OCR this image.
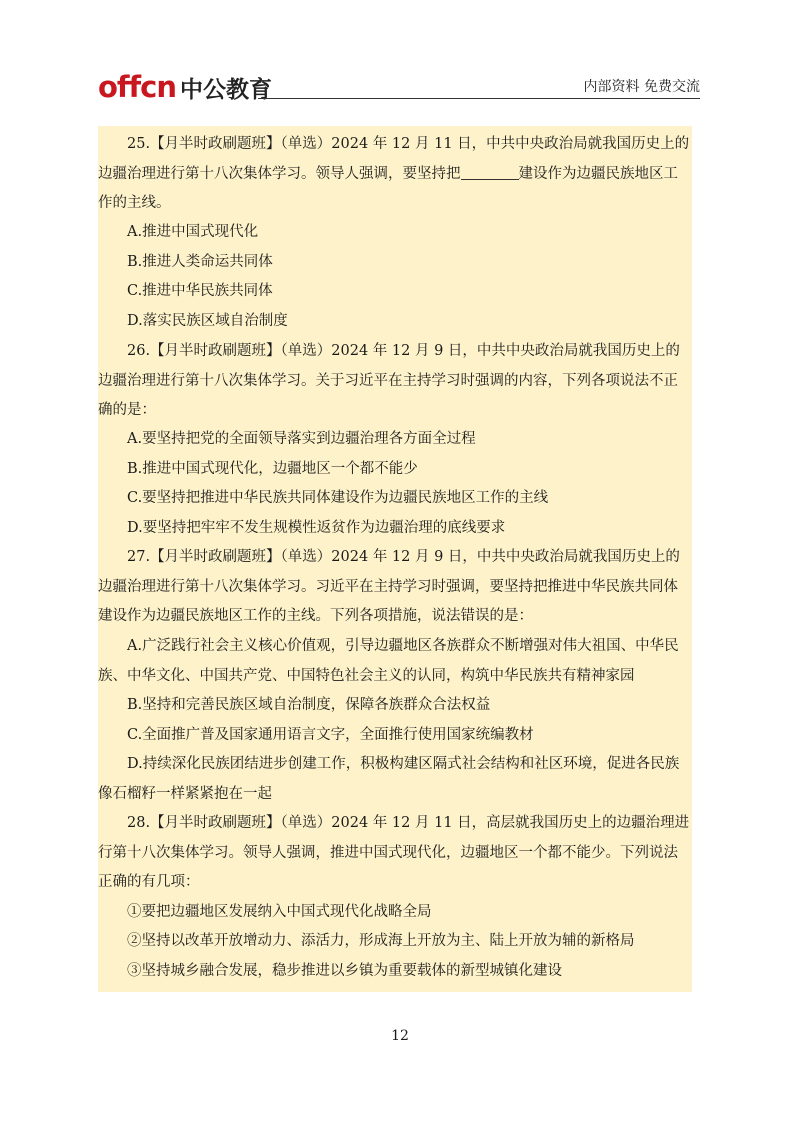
offcn 中公教育	内部资料 免费交流
25.【月半时政刷题班】（单选）2024 年 12 月 11 日，中共中央政治局就我国历史上的边疆治理进行第十八次集体学习。领导人强调，要坚持把	建设作为边疆民族地区工作的主线。
A.推进中国式现代化
B.推进人类命运共同体
C.推进中华民族共同体
D.落实民族区域自治制度
26.【月半时政刷题班】（单选）2024 年 12 月 9 日，中共中央政治局就我国历史上的边疆治理进行第十八次集体学习。关于习近平在主持学习时强调的内容，下列各项说法不正确的是：
A.要坚持把党的全面领导落实到边疆治理各方面全过程
B.推进中国式现代化，边疆地区一个都不能少
C.要坚持把推进中华民族共同体建设作为边疆民族地区工作的主线
D.要坚持把牢牢不发生规模性返贫作为边疆治理的底线要求
27.【月半时政刷题班】（单选）2024 年 12 月 9 日，中共中央政治局就我国历史上的边疆治理进行第十八次集体学习。习近平在主持学习时强调，要坚持把推进中华民族共同体建设作为边疆民族地区工作的主线。下列各项措施，说法错误的是：
A.广泛践行社会主义核心价值观，引导边疆地区各族群众不断增强对伟大祖国、中华民族、中华文化、中国共产党、中国特色社会主义的认同，构筑中华民族共有精神家园
B.坚持和完善民族区域自治制度，保障各族群众合法权益
C.全面推广普及国家通用语言文字，全面推行使用国家统编教材
D.持续深化民族团结进步创建工作，积极构建区隔式社会结构和社区环境，促进各民族像石榴籽一样紧紧抱在一起
28.【月半时政刷题班】（单选）2024 年 12 月 11 日，高层就我国历史上的边疆治理进行第十八次集体学习。领导人强调，推进中国式现代化，边疆地区一个都不能少。下列说法正确的有几项：
①要把边疆地区发展纳入中国式现代化战略全局
②坚持以改革开放增动力、添活力，形成海上开放为主、陆上开放为辅的新格局
③坚持城乡融合发展，稳步推进以乡镇为重要载体的新型城镇化建设
12
